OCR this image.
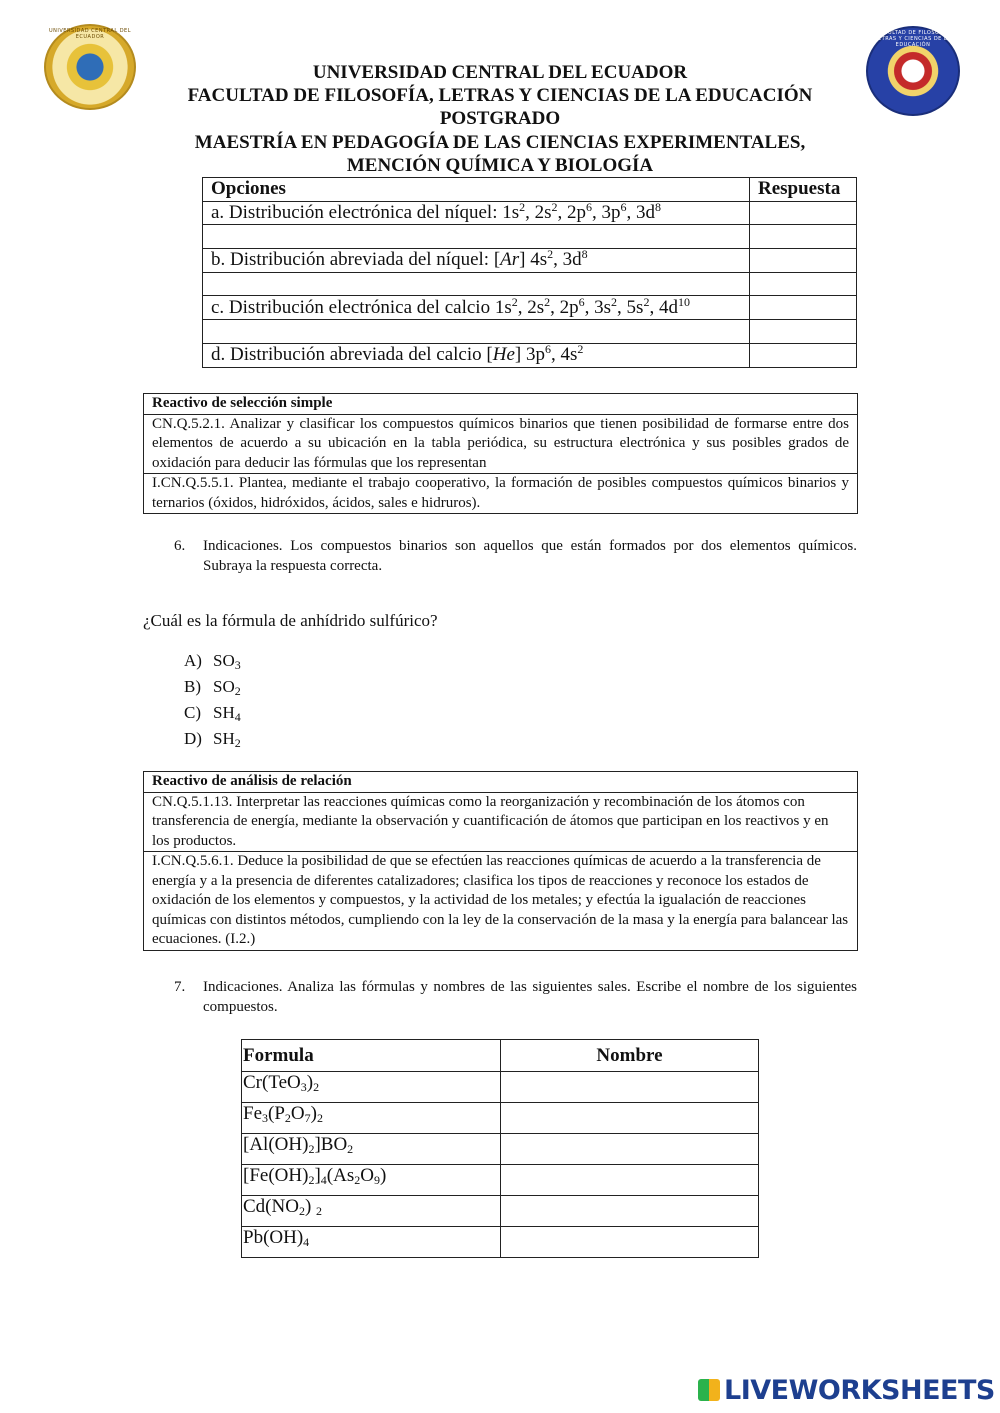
UNIVERSIDAD CENTRAL DEL ECUADOR
FACULTAD DE FILOSOFÍA LETRAS Y CIENCIAS DE LA EDUCACIÓN
UNIVERSIDAD CENTRAL DEL ECUADOR
FACULTAD DE FILOSOFÍA, LETRAS Y CIENCIAS DE LA EDUCACIÓN
POSTGRADO
MAESTRÍA EN PEDAGOGÍA DE LAS CIENCIAS EXPERIMENTALES,
MENCIÓN QUÍMICA Y BIOLOGÍA
Opciones	Respuesta
a. Distribución electrónica del níquel: $1s^2$, $2s^2$, $2p^6$, $3p^6$, $3d^8$	

b. Distribución abreviada del níquel: [Ar] $4s^2$, $3d^8$	

c. Distribución electrónica del calcio $1s^2$, $2s^2$, $2p^6$, $3s^2$, $5s^2$, $4d^{10}$	

d. Distribución abreviada del calcio [He] $3p^6$, $4s^2$	
Reactivo de selección simple
CN.Q.5.2.1. Analizar y clasificar los compuestos químicos binarios que tienen posibilidad de formarse entre dos elementos de acuerdo a su ubicación en la tabla periódica, su estructura electrónica y sus posibles grados de oxidación para deducir las fórmulas que los representan
I.CN.Q.5.5.1. Plantea, mediante el trabajo cooperativo, la formación de posibles compuestos químicos binarios y ternarios (óxidos, hidróxidos, ácidos, sales e hidruros).
6. Indicaciones. Los compuestos binarios son aquellos que están formados por dos elementos químicos. Subraya la respuesta correcta.
¿Cuál es la fórmula de anhídrido sulfúrico?
A) $SO_3$
B) $SO_2$
C) $SH_4$
D) $SH_2$
Reactivo de análisis de relación
CN.Q.5.1.13. Interpretar las reacciones químicas como la reorganización y recombinación de los átomos con transferencia de energía, mediante la observación y cuantificación de átomos que participan en los reactivos y en los productos.
I.CN.Q.5.6.1. Deduce la posibilidad de que se efectúen las reacciones químicas de acuerdo a la transferencia de energía y a la presencia de diferentes catalizadores; clasifica los tipos de reacciones y reconoce los estados de oxidación de los elementos y compuestos, y la actividad de los metales; y efectúa la igualación de reacciones químicas con distintos métodos, cumpliendo con la ley de la conservación de la masa y la energía para balancear las ecuaciones. (I.2.)
7. Indicaciones. Analiza las fórmulas y nombres de las siguientes sales. Escribe el nombre de los siguientes compuestos.
Formula	Nombre
$Cr(TeO_3)_2$	
$Fe_3(P_2O_7)_2$	
$[Al(OH)_2]BO_2$	
$[Fe(OH)_2]_4(As_2O_9)$	
$Cd(NO_2)$ $_2$	
$Pb(OH)_4$	
LIVEWORKSHEETS
